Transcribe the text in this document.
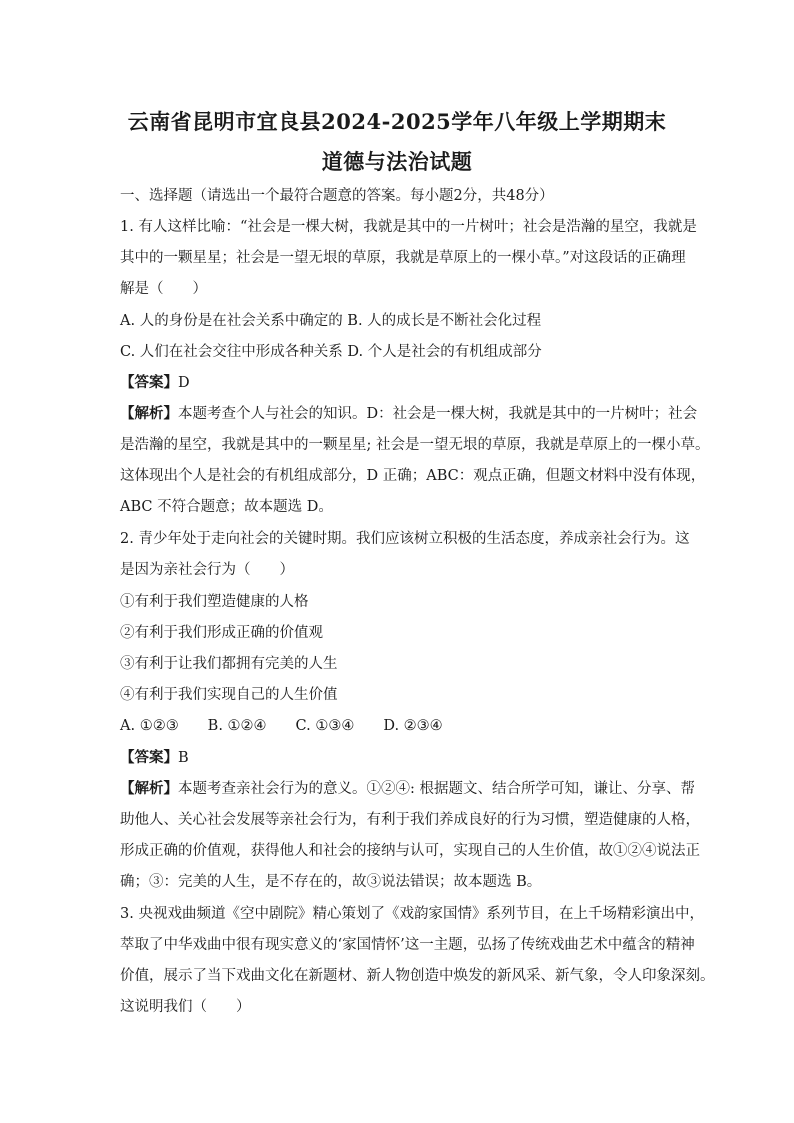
云南省昆明市宜良县2024-2025学年八年级上学期期末
道德与法治试题

一、选择题（请选出一个最符合题意的答案。每小题2分，共48分）

1. 有人这样比喻：“社会是一棵大树，我就是其中的一片树叶；社会是浩瀚的星空，我就是

其中的一颗星星；社会是一望无垠的草原，我就是草原上的一棵小草。”对这段话的正确理

解是（　　）

A. 人的身份是在社会关系中确定的 B. 人的成长是不断社会化过程

C. 人们在社会交往中形成各种关系 D. 个人是社会的有机组成部分

【答案】D

【解析】本题考查个人与社会的知识。D：社会是一棵大树，我就是其中的一片树叶；社会

是浩瀚的星空，我就是其中的一颗星星; 社会是一望无垠的草原，我就是草原上的一棵小草。

这体现出个人是社会的有机组成部分，D 正确；ABC：观点正确，但题文材料中没有体现，

ABC 不符合题意；故本题选 D。

2. 青少年处于走向社会的关键时期。我们应该树立积极的生活态度，养成亲社会行为。这

是因为亲社会行为（　　）

①有利于我们塑造健康的人格

②有利于我们形成正确的价值观

③有利于让我们都拥有完美的人生

④有利于我们实现自己的人生价值

A. ①②③　　B. ①②④　　C. ①③④　　D. ②③④

【答案】B

【解析】本题考查亲社会行为的意义。①②④: 根据题文、结合所学可知，谦让、分享、帮

助他人、关心社会发展等亲社会行为，有利于我们养成良好的行为习惯，塑造健康的人格，

形成正确的价值观，获得他人和社会的接纳与认可，实现自己的人生价值，故①②④说法正

确；③：完美的人生，是不存在的，故③说法错误；故本题选 B。

3. 央视戏曲频道《空中剧院》精心策划了《戏韵家国情》系列节目，在上千场精彩演出中，

萃取了中华戏曲中很有现实意义的‘家国情怀’这一主题，弘扬了传统戏曲艺术中蕴含的精神

价值，展示了当下戏曲文化在新题材、新人物创造中焕发的新风采、新气象，令人印象深刻。

这说明我们（　　）
